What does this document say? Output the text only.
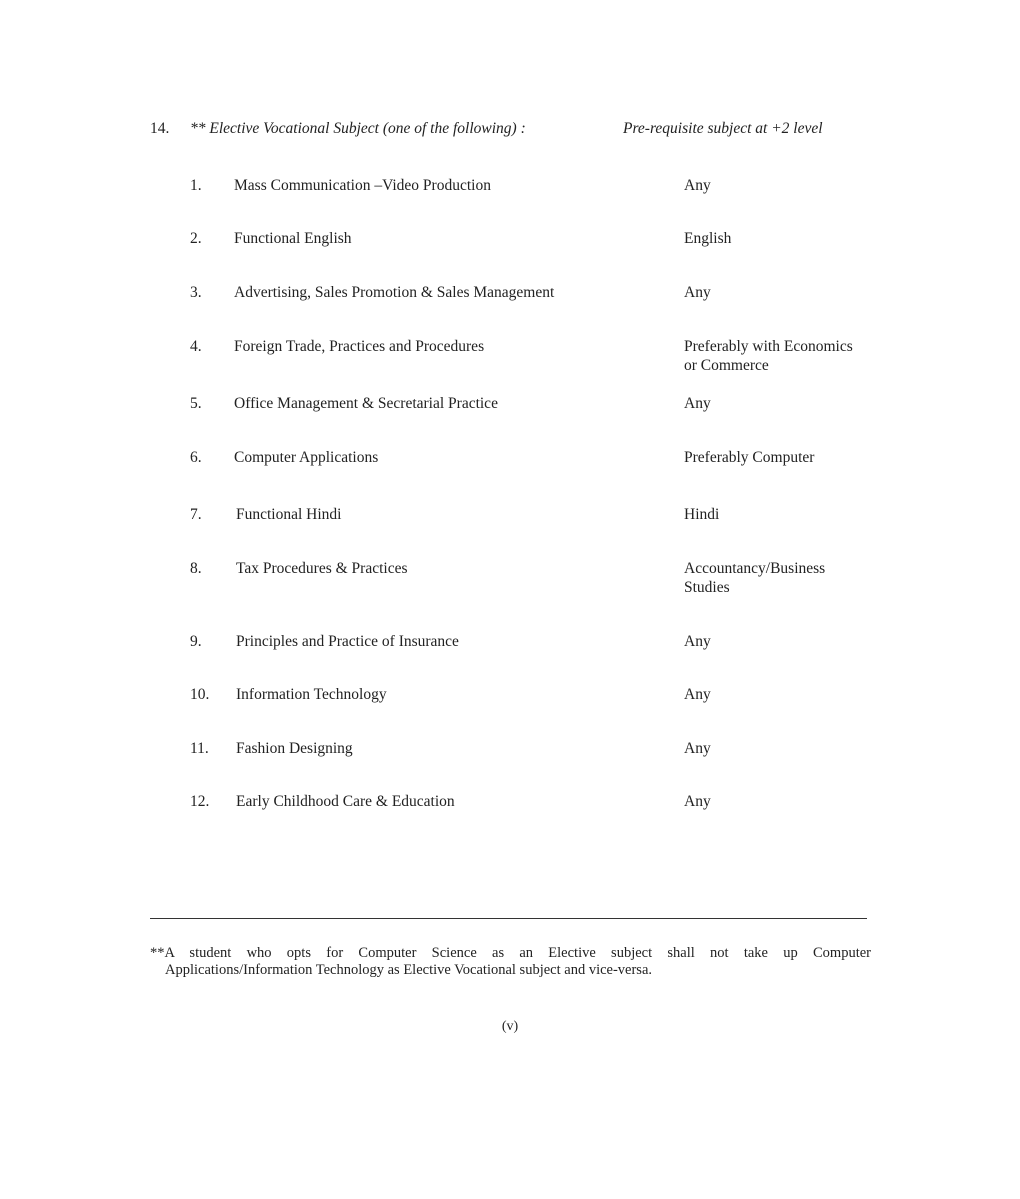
14. ** Elective Vocational Subject (one of the following) :	Pre-requisite subject at +2 level
1. Mass Communication –Video Production	Any
2. Functional English	English
3. Advertising, Sales Promotion & Sales Management	Any
4. Foreign Trade, Practices and Procedures	Preferably with Economics
or Commerce
5. Office Management & Secretarial Practice	Any
6. Computer Applications	Preferably Computer
7. Functional Hindi	Hindi
8. Tax Procedures & Practices	Accountancy/Business
Studies
9. Principles and Practice of Insurance	Any
10. Information Technology	Any
11. Fashion Designing	Any
12. Early Childhood Care & Education	Any
**A student who opts for Computer Science as an Elective subject shall not take up Computer
Applications/Information Technology as Elective Vocational subject and vice-versa.
(v)
